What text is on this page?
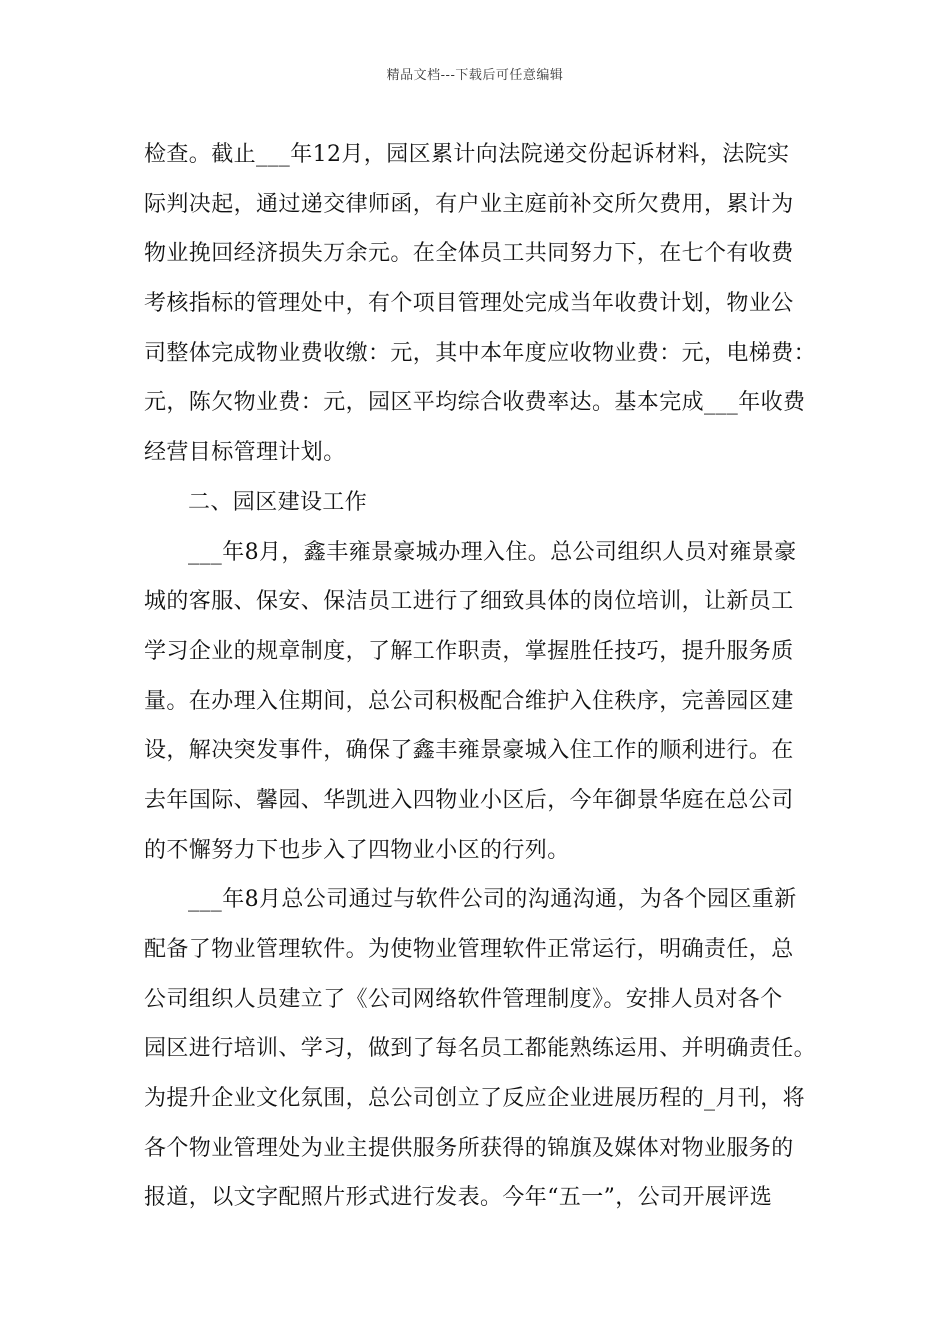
精品文档---下载后可任意编辑
检查。截止___年12月，园区累计向法院递交份起诉材料，法院实
际判决起，通过递交律师函，有户业主庭前补交所欠费用，累计为
物业挽回经济损失万余元。在全体员工共同努力下，在七个有收费
考核指标的管理处中，有个项目管理处完成当年收费计划，物业公
司整体完成物业费收缴：元，其中本年度应收物业费：元，电梯费：
元，陈欠物业费：元，园区平均综合收费率达。基本完成___年收费
经营目标管理计划。
二、园区建设工作
___年8月，鑫丰雍景豪城办理入住。总公司组织人员对雍景豪
城的客服、保安、保洁员工进行了细致具体的岗位培训，让新员工
学习企业的规章制度，了解工作职责，掌握胜任技巧，提升服务质
量。在办理入住期间，总公司积极配合维护入住秩序，完善园区建
设，解决突发事件，确保了鑫丰雍景豪城入住工作的顺利进行。在
去年国际、馨园、华凯进入四物业小区后，今年御景华庭在总公司
的不懈努力下也步入了四物业小区的行列。
___年8月总公司通过与软件公司的沟通沟通，为各个园区重新
配备了物业管理软件。为使物业管理软件正常运行，明确责任，总
公司组织人员建立了《公司网络软件管理制度》。安排人员对各个
园区进行培训、学习，做到了每名员工都能熟练运用、并明确责任。
为提升企业文化氛围，总公司创立了反应企业进展历程的_月刊，将
各个物业管理处为业主提供服务所获得的锦旗及媒体对物业服务的
报道，以文字配照片形式进行发表。今年“五一”，公司开展评选
